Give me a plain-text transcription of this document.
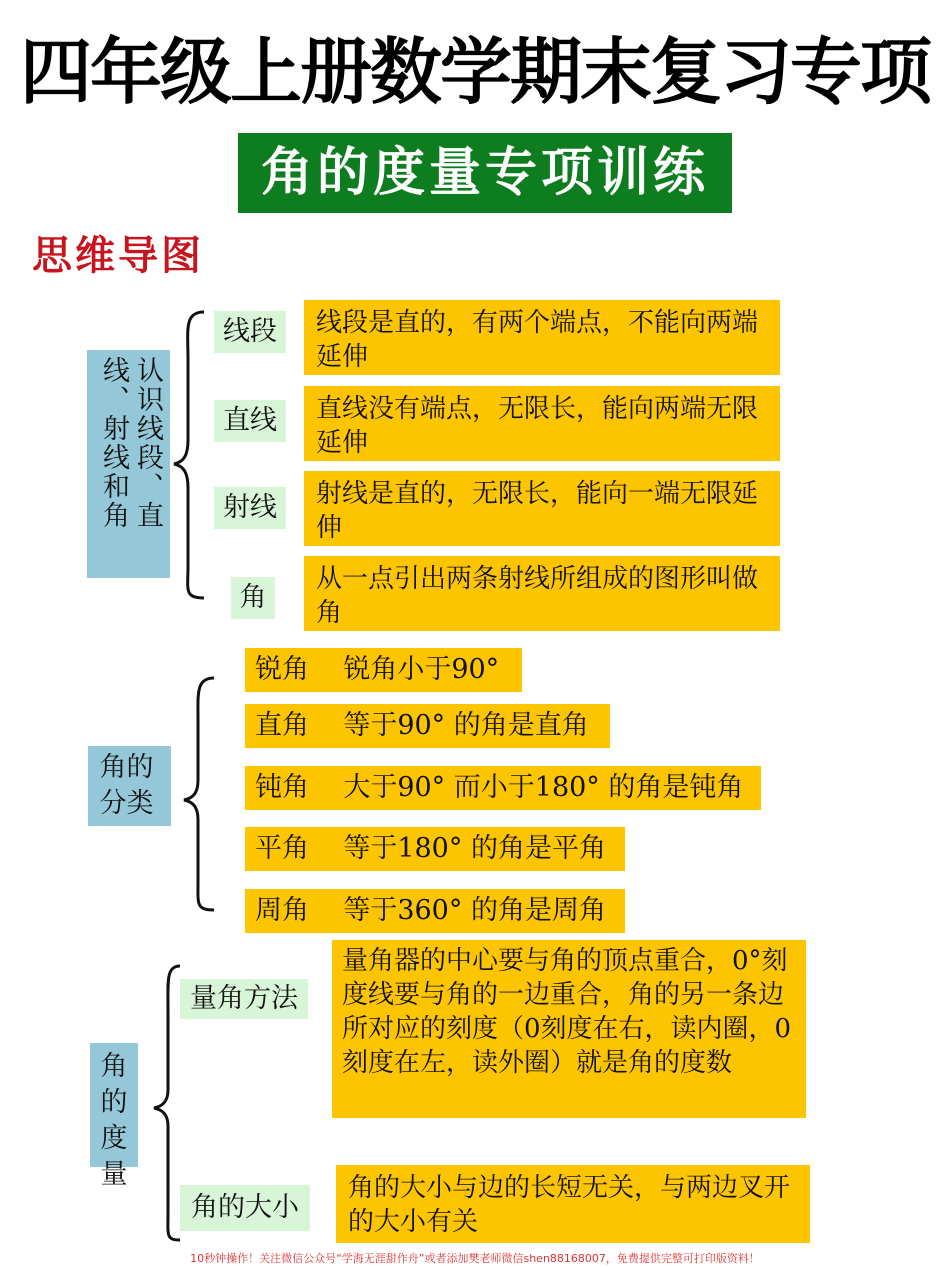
四年级上册数学期末复习专项
角的度量专项训练
思维导图
认识线段、直线、射线和角
线段	线段是直的，有两个端点，不能向两端延伸
直线	直线没有端点，无限长，能向两端无限延伸
射线	射线是直的，无限长，能向一端无限延伸
角
从一点引出两条射线所组成的图形叫做角
角的分类
锐角    锐角小于90°
直角    等于90° 的角是直角
钝角    大于90° 而小于180° 的角是钝角
平角    等于180° 的角是平角
周角    等于360° 的角是周角
角的度量
量角方法
量角器的中心要与角的顶点重合，0°刻度线要与角的一边重合，角的另一条边所对应的刻度（0刻度在右，读内圈，0刻度在左，读外圈）就是角的度数
角的大小
角的大小与边的长短无关，与两边叉开的大小有关
10秒钟操作！关注微信公众号“学海无涯甜作舟”或者添加樊老师微信shen88168007，免费提供完整可打印版资料！
